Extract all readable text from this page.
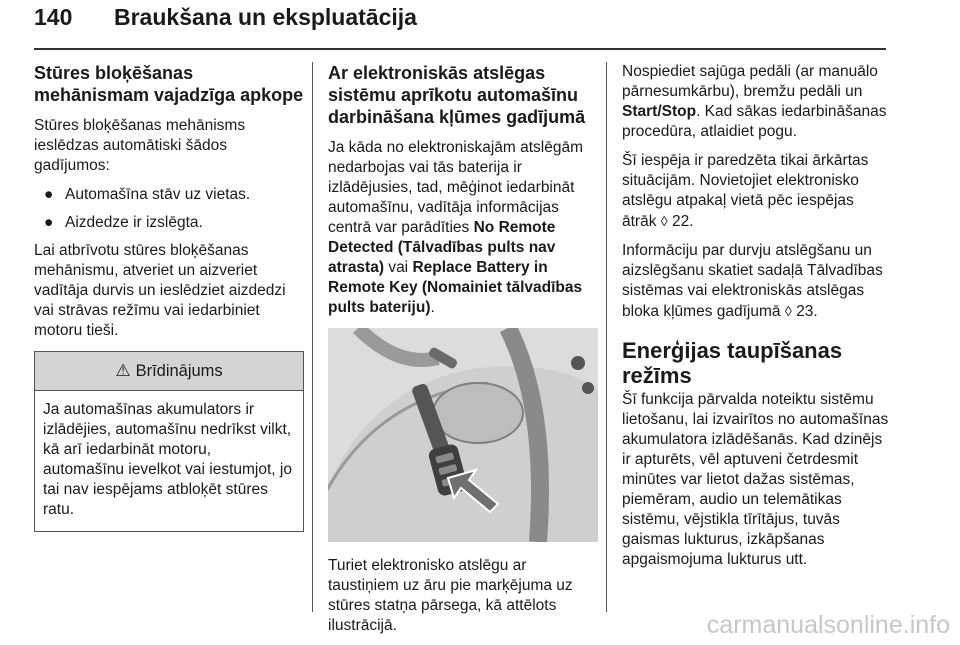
140 Braukšana un ekspluatācija
Stūres bloķēšanas mehānismam vajadzīga apkope

Stūres bloķēšanas mehānisms ieslēdzas automātiski šādos gadījumos:

● Automašīna stāv uz vietas.
● Aizdedze ir izslēgta.

Lai atbrīvotu stūres bloķēšanas mehānismu, atveriet un aizveriet vadītāja durvis un ieslēdziet aizdedzi vai strāvas režīmu vai iedarbiniet motoru tieši.

⚠ Brīdinājums
Ja automašīnas akumulators ir izlādējies, automašīnu nedrīkst vilkt, kā arī iedarbināt motoru, automašīnu ievelkot vai iestumjot, jo tai nav iespējams atbloķēt stūres ratu.
Ar elektroniskās atslēgas sistēmu aprīkotu automašīnu darbināšana kļūmes gadījumā

Ja kāda no elektroniskajām atslēgām nedarbojas vai tās baterija ir izlādējusies, tad, mēģinot iedarbināt automašīnu, vadītāja informācijas centrā var parādīties No Remote Detected (Tālvadības pults nav atrasta) vai Replace Battery in Remote Key (Nomainiet tālvadības pults bateriju).

Turiet elektronisko atslēgu ar taustiņiem uz āru pie marķējuma uz stūres statņa pārsega, kā attēlots ilustrācijā.

Nospiediet sajūga pedāli (ar manuālo pārnesumkārbu), bremžu pedāli un Start/Stop. Kad sākas iedarbināšanas procedūra, atlaidiet pogu.

Šī iespēja ir paredzēta tikai ārkārtas situācijām. Novietojiet elektronisko atslēgu atpakaļ vietā pēc iespējas ātrāk ◊ 22.

Informāciju par durvju atslēgšanu un aizslēgšanu skatiet sadaļā Tālvadības sistēmas vai elektroniskās atslēgas bloka kļūmes gadījumā ◊ 23.

Enerģijas taupīšanas režīms

Šī funkcija pārvalda noteiktu sistēmu lietošanu, lai izvairītos no automašīnas akumulatora izlādēšanās. Kad dzinējs ir apturēts, vēl aptuveni četrdesmit minūtes var lietot dažas sistēmas, piemēram, audio un telemātikas sistēmu, vējstikla tīrītājus, tuvās gaismas lukturus, izkāpšanas apgaismojuma lukturus utt.

carmanualsonline.info
